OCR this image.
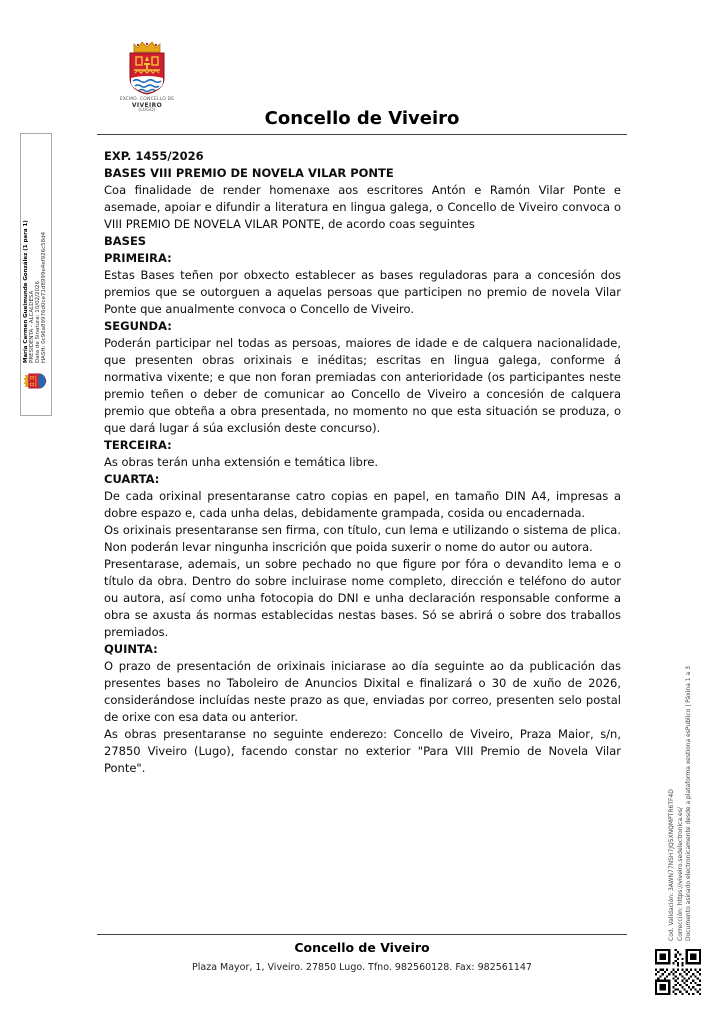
EXCMO. CONCELLO DE
VIVEIRO
(LUGO)	Concello de Viveiro

EXP. 1455/2026

BASES VIII PREMIO DE NOVELA VILAR PONTE

Coa finalidade de render homenaxe aos escritores Antón e Ramón Vilar Ponte e asemade, apoiar e difundir a literatura en lingua galega, o Concello de Viveiro convoca o VIII PREMIO DE NOVELA VILAR PONTE, de acordo coas seguintes

BASES

PRIMEIRA:

Estas Bases teñen por obxecto establecer as bases reguladoras para a concesión dos premios que se outorguen a aquelas persoas que participen no premio de novela Vilar Ponte que anualmente convoca o Concello de Viveiro.

SEGUNDA:

Poderán participar nel todas as persoas, maiores de idade e de calquera nacionalidade, que presenten obras orixinais e inéditas; escritas en lingua galega, conforme á normativa vixente; e que non foran premiadas con anterioridade (os participantes neste premio teñen o deber de comunicar ao Concello de Viveiro a concesión de calquera premio que obteña a obra presentada, no momento no que esta situación se produza, o que dará lugar á súa exclusión deste concurso).

TERCEIRA:

As obras terán unha extensión e temática libre.

CUARTA:

De cada orixinal presentaranse catro copias en papel, en tamaño DIN A4, impresas a dobre espazo e, cada unha delas, debidamente grampada, cosida ou encadernada.

Os orixinais presentaranse sen firma, con título, cun lema e utilizando o sistema de plica. Non poderán levar ningunha inscrición que poida suxerir o nome do autor ou autora.

Presentarase, ademais, un sobre pechado no que figure por fóra o devandito lema e o título da obra. Dentro do sobre incluirase nome completo, dirección e teléfono do autor ou autora, así como unha fotocopia do DNI e unha declaración responsable conforme a obra se axusta ás normas establecidas nestas bases. Só se abrirá o sobre dos traballos premiados.

QUINTA:

O prazo de presentación de orixinais iniciarase ao día seguinte ao da publicación das presentes bases no Taboleiro de Anuncios Dixital e finalizará o 30 de xuño de 2026, considerándose incluídas neste prazo as que, enviadas por correo, presenten selo postal de orixe con esa data ou anterior.

As obras presentaranse no seguinte enderezo: Concello de Viveiro, Praza Maior, s/n, 27850 Viveiro (Lugo), facendo constar no exterior "Para VIII Premio de Novela Vilar Ponte".

Concello de Viveiro
Plaza Mayor, 1, Viveiro. 27850 Lugo. Tfno. 982560128. Fax: 982561147
María Carmen Gueimunde González (1 para 1) PRESIDENTA - ALCALDESA Data de Sinatura: 10/02/2026 HASH: 0c96a89976d0ce71d8999e4ef926c58d4
Cod. Validación: 3AWN77NSH7JQ5XNQMPTR6TF4D Corrección: https://viveiro.sedelectronica.es/ Documento asinado electronicamente desde a plataforma xestiona esPublico | Páxina 1 a 3
